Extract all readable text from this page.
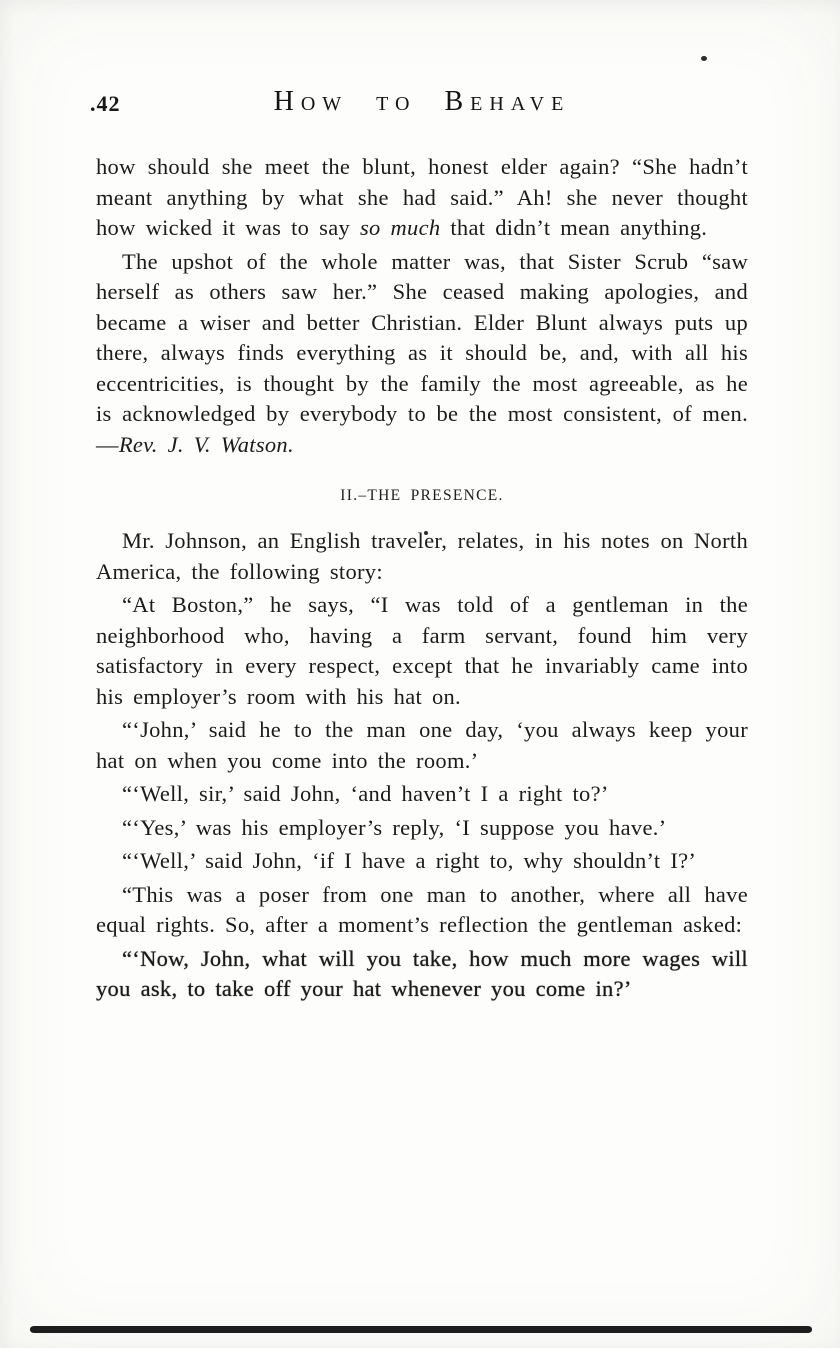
.42	How to Behave

how should she meet the blunt, honest elder again? “She hadn’t meant anything by what she had said.” Ah! she never thought how wicked it was to say so much that didn’t mean anything.

The upshot of the whole matter was, that Sister Scrub “saw herself as others saw her.” She ceased making apologies, and became a wiser and better Christian. Elder Blunt always puts up there, always finds everything as it should be, and, with all his eccentricities, is thought by the family the most agreeable, as he is acknowledged by everybody to be the most consistent, of men.—Rev. J. V. Watson.

II.–THE PRESENCE.

Mr. Johnson, an English traveler, relates, in his notes on North America, the following story:

“At Boston,” he says, “I was told of a gentleman in the neighborhood who, having a farm servant, found him very satisfactory in every respect, except that he invariably came into his employer’s room with his hat on.

“‘John,’ said he to the man one day, ‘you always keep your hat on when you come into the room.’

“‘Well, sir,’ said John, ‘and haven’t I a right to?’

“‘Yes,’ was his employer’s reply, ‘I suppose you have.’

“‘Well,’ said John, ‘if I have a right to, why shouldn’t I?’

“This was a poser from one man to another, where all have equal rights. So, after a moment’s reflection the gentleman asked:

“‘Now, John, what will you take, how much more wages will you ask, to take off your hat whenever you come in?’
